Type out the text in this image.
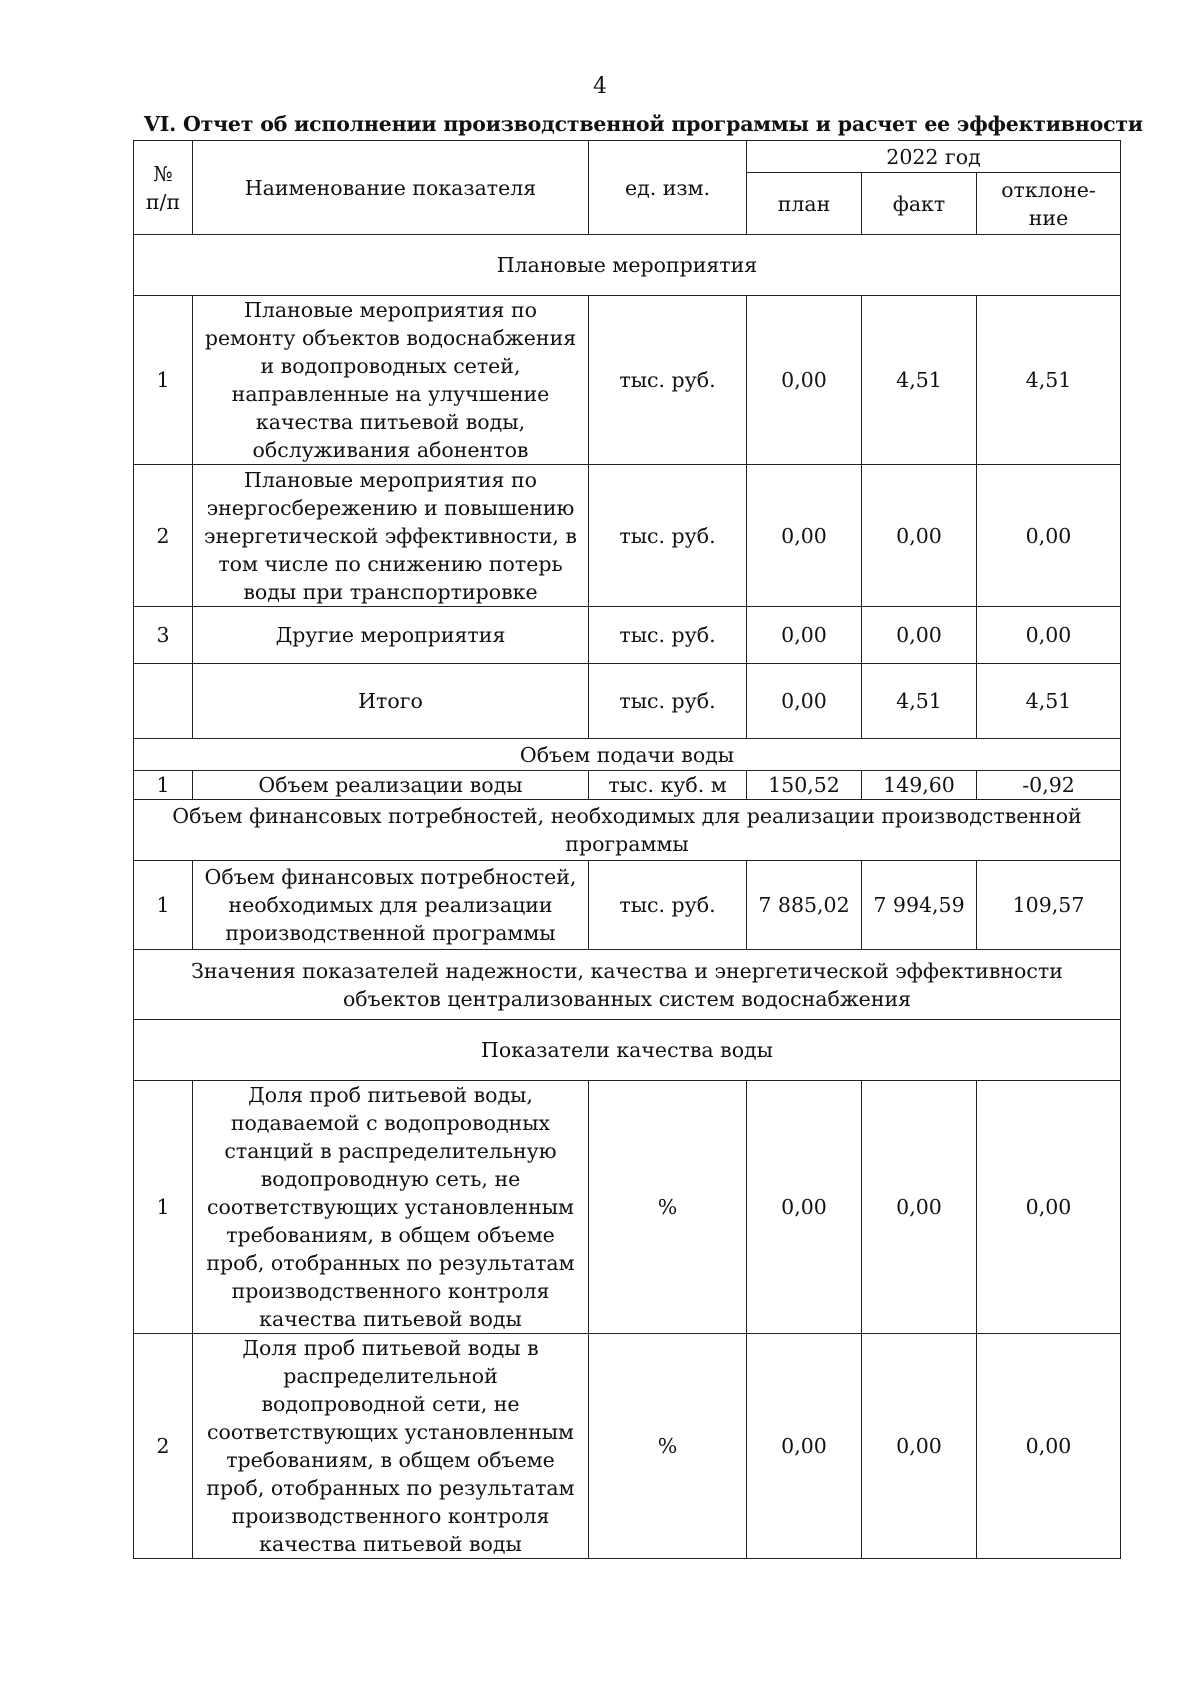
4
VI. Отчет об исполнении производственной программы и расчет ее эффективности
№ п/п	Наименование показателя	ед. изм.	2022 год		
			план	факт	отклоне-ние
Плановые мероприятия					
1	Плановые мероприятия по ремонту объектов водоснабжения и водопроводных сетей, направленные на улучшение качества питьевой воды, обслуживания абонентов	тыс. руб.	0,00	4,51	4,51
2	Плановые мероприятия по энергосбережению и повышению энергетической эффективности, в том числе по снижению потерь воды при транспортировке	тыс. руб.	0,00	0,00	0,00
3	Другие мероприятия	тыс. руб.	0,00	0,00	0,00
	Итого	тыс. руб.	0,00	4,51	4,51
Объем подачи воды					
1	Объем реализации воды	тыс. куб. м	150,52	149,60	-0,92
Объем финансовых потребностей, необходимых для реализации производственной программы					
1	Объем финансовых потребностей, необходимых для реализации производственной программы	тыс. руб.	7 885,02	7 994,59	109,57
Значения показателей надежности, качества и энергетической эффективности объектов централизованных систем водоснабжения					
Показатели качества воды					
1	Доля проб питьевой воды, подаваемой с водопроводных станций в распределительную водопроводную сеть, не соответствующих установленным требованиям, в общем объеме проб, отобранных по результатам производственного контроля качества питьевой воды	%	0,00	0,00	0,00
2	Доля проб питьевой воды в распределительной водопроводной сети, не соответствующих установленным требованиям, в общем объеме проб, отобранных по результатам производственного контроля качества питьевой воды	%	0,00	0,00	0,00
